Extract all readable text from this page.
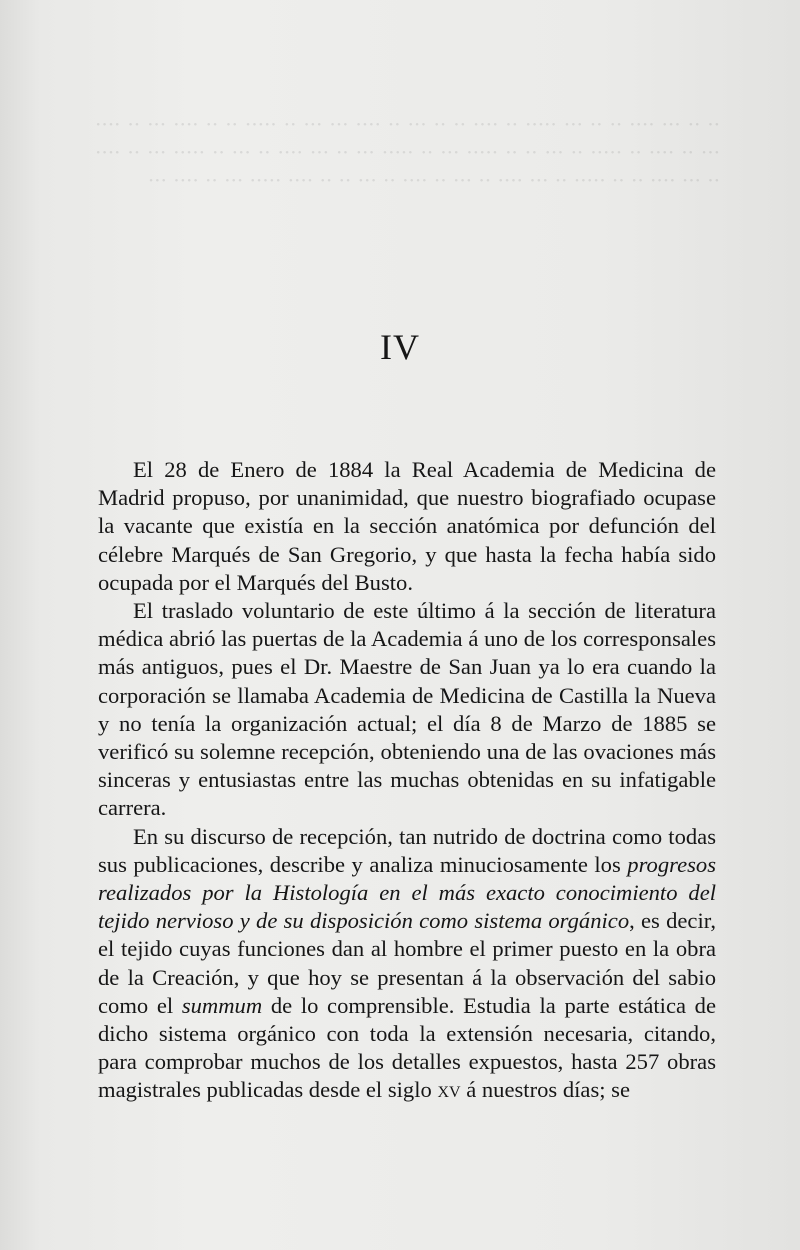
·· ·· ··· ···· ·· ·· ··· ····· ·· ···· ·· ·· ··· ·· ···· ··· ··· ·· ····· ·· ·· ···· ··· ·· ···· ··· ·· ···· ·· ····· ·· ··· ·· ·· ····· ··· ·· ····· ··· ·· ··· ···· ·· ··· ·· ····· ··· ·· ···· ·· ··· ···· ·· ·· ····· ·· ··· ···· ·· ··· ·· ···· ·· ··· ·· ·· ···· ····· ··· ·· ···· ···
IV

El 28 de Enero de 1884 la Real Academia de Medicina de Madrid propuso, por unanimidad, que nuestro biografiado ocupase la vacante que existía en la sección anatómica por defunción del célebre Marqués de San Gregorio, y que hasta la fecha había sido ocupada por el Marqués del Busto.

El traslado voluntario de este último á la sección de literatura médica abrió las puertas de la Academia á uno de los corresponsales más antiguos, pues el Dr. Maestre de San Juan ya lo era cuando la corporación se llamaba Academia de Medicina de Castilla la Nueva y no tenía la organización actual; el día 8 de Marzo de 1885 se verificó su solemne recepción, obteniendo una de las ovaciones más sinceras y entusiastas entre las muchas obtenidas en su infatigable carrera.

En su discurso de recepción, tan nutrido de doctrina como todas sus publicaciones, describe y analiza minuciosamente los progresos realizados por la Histología en el más exacto conocimiento del tejido nervioso y de su disposición como sistema orgánico, es decir, el tejido cuyas funciones dan al hombre el primer puesto en la obra de la Creación, y que hoy se presentan á la observación del sabio como el summum de lo comprensible. Estudia la parte estática de dicho sistema orgánico con toda la extensión necesaria, citando, para comprobar muchos de los detalles expuestos, hasta 257 obras magistrales publicadas desde el siglo xv á nuestros días; se
